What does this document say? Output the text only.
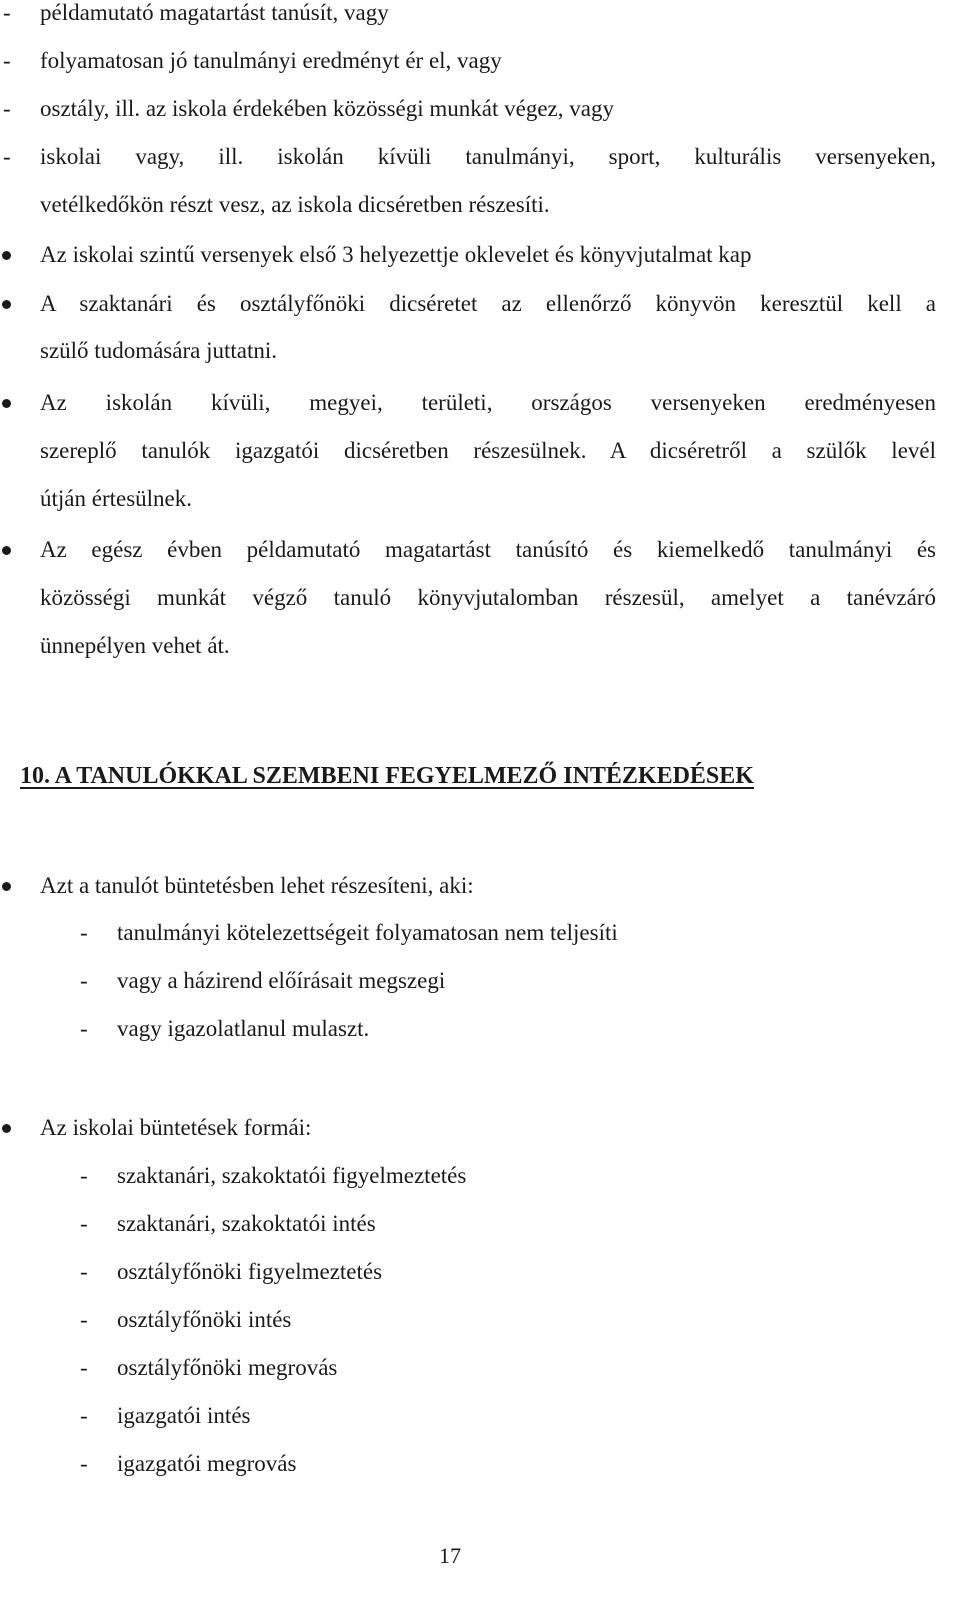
- példamutató magatartást tanúsít, vagy
- folyamatosan jó tanulmányi eredményt ér el, vagy
- osztály, ill. az iskola érdekében közösségi munkát végez, vagy
- iskolai vagy, ill. iskolán kívüli tanulmányi, sport, kulturális versenyeken,
vetélkedőkön részt vesz, az iskola dicséretben részesíti.
Az iskolai szintű versenyek első 3 helyezettje oklevelet és könyvjutalmat kap
A szaktanári és osztályfőnöki dicséretet az ellenőrző könyvön keresztül kell a
szülő tudomására juttatni.
Az iskolán kívüli, megyei, területi, országos versenyeken eredményesen
szereplő tanulók igazgatói dicséretben részesülnek. A dicséretről a szülők levél
útján értesülnek.
Az egész évben példamutató magatartást tanúsító és kiemelkedő tanulmányi és
közösségi munkát végző tanuló könyvjutalomban részesül, amelyet a tanévzáró
ünnepélyen vehet át.
10. A TANULÓKKAL SZEMBENI FEGYELMEZŐ INTÉZKEDÉSEK
Azt a tanulót büntetésben lehet részesíteni, aki:
- tanulmányi kötelezettségeit folyamatosan nem teljesíti
- vagy a házirend előírásait megszegi
- vagy igazolatlanul mulaszt.
Az iskolai büntetések formái:
- szaktanári, szakoktatói figyelmeztetés
- szaktanári, szakoktatói intés
- osztályfőnöki figyelmeztetés
- osztályfőnöki intés
- osztályfőnöki megrovás
- igazgatói intés
- igazgatói megrovás
17
